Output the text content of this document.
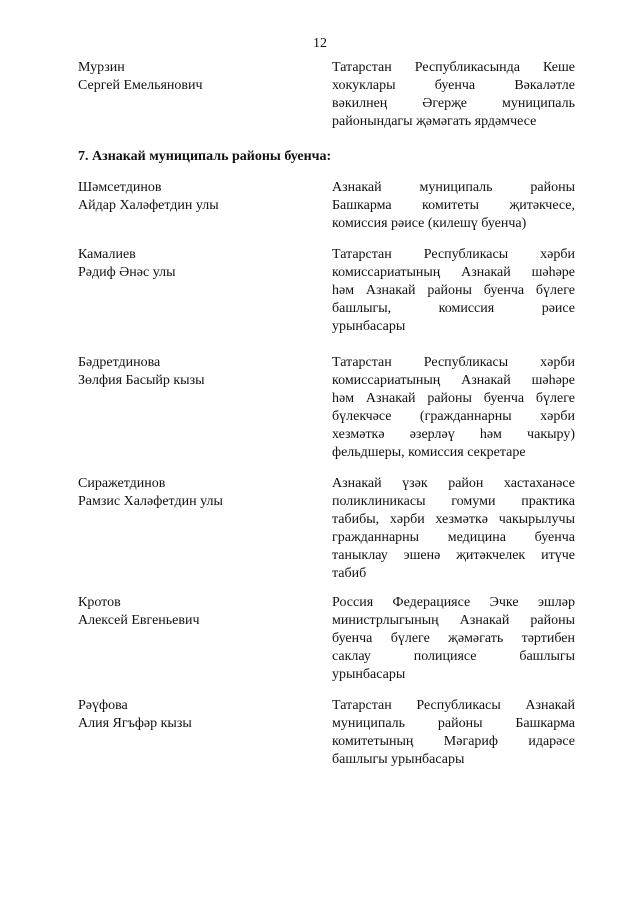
12
Мурзин
Сергей Емельянович
Татарстан Республикасында Кеше
хокуклары буенча Вәкаләтле
вәкилнең Әгерҗе муниципаль
районындагы җәмәгать ярдәмчесе
7. Азнакай муниципаль районы буенча:
Шәмсетдинов
Айдар Халәфетдин улы
Азнакай муниципаль районы
Башкарма комитеты җитәкчесе,
комиссия рәисе (килешү буенча)
Камалиев
Рәдиф Әнәс улы
Татарстан Республикасы хәрби
комиссариатының Азнакай шәһәре
һәм Азнакай районы буенча бүлеге
башлыгы, комиссия рәисе
урынбасары
Бәдретдинова
Зөлфия Басыйр кызы
Татарстан Республикасы хәрби
комиссариатының Азнакай шәһәре
һәм Азнакай районы буенча бүлеге
бүлекчәсе (гражданнарны хәрби
хезмәткә әзерләү һәм чакыру)
фельдшеры, комиссия секретаре
Сиражетдинов
Рамзис Халәфетдин улы
Азнакай үзәк район хастаханәсе
поликлиникасы гомуми практика
табибы, хәрби хезмәткә чакырылучы
гражданнарны медицина буенча
таныклау эшенә җитәкчелек итүче
табиб
Кротов
Алексей Евгеньевич
Россия Федерациясе Эчке эшләр
министрлыгының Азнакай районы
буенча бүлеге җәмәгать тәртибен
саклау полициясе башлыгы
урынбасары
Рәүфова
Алия Ягъфәр кызы
Татарстан Республикасы Азнакай
муниципаль районы Башкарма
комитетының Мәгариф идарәсе
башлыгы урынбасары
